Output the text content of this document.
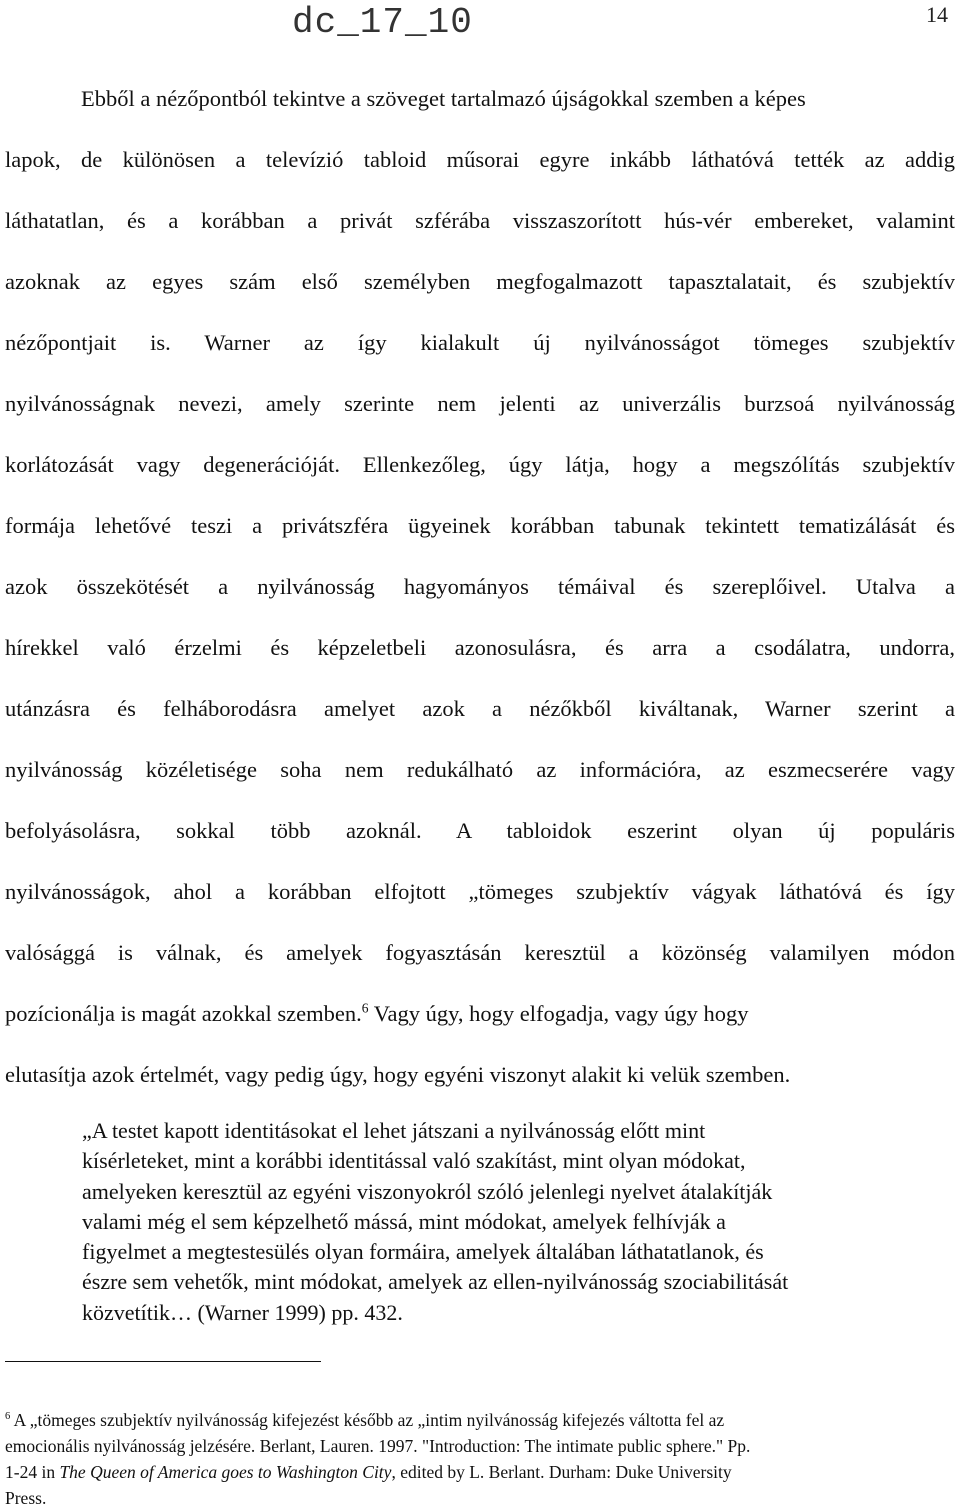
dc_17_10	14
Ebből a nézőpontból tekintve a szöveget tartalmazó újságokkal szemben a képes
lapok, de különösen a televízió tabloid műsorai egyre inkább láthatóvá tették az addig
láthatatlan, és a korábban a privát szférába visszaszorított hús-vér embereket, valamint
azoknak az egyes szám első személyben megfogalmazott tapasztalatait, és szubjektív
nézőpontjait is. Warner az így kialakult új nyilvánosságot tömeges szubjektív
nyilvánosságnak nevezi, amely szerinte nem jelenti az univerzális burzsoá nyilvánosság
korlátozását vagy degenerációját. Ellenkezőleg, úgy látja, hogy a megszólítás szubjektív
formája lehetővé teszi a privátszféra ügyeinek korábban tabunak tekintett tematizálását és
azok összekötését a nyilvánosság hagyományos témáival és szereplőivel. Utalva a
hírekkel való érzelmi és képzeletbeli azonosulásra, és arra a csodálatra, undorra,
utánzásra és felháborodásra amelyet azok a nézőkből kiváltanak, Warner szerint a
nyilvánosság közéletisége soha nem redukálható az információra, az eszmecserére vagy
befolyásolásra, sokkal több azoknál. A tabloidok eszerint olyan új populáris
nyilvánosságok, ahol a korábban elfojtott „tömeges szubjektív vágyak láthatóvá és így
valósággá is válnak, és amelyek fogyasztásán keresztül a közönség valamilyen módon
pozícionálja is magát azokkal szemben.$^6$ Vagy úgy, hogy elfogadja, vagy úgy hogy
elutasítja azok értelmét, vagy pedig úgy, hogy egyéni viszonyt alakit ki velük szemben.
„A testet kapott identitásokat el lehet játszani a nyilvánosság előtt mint
kísérleteket, mint a korábbi identitással való szakítást, mint olyan módokat,
amelyeken keresztül az egyéni viszonyokról szóló jelenlegi nyelvet átalakítják
valami még el sem képzelhető mássá, mint módokat, amelyek felhívják a
figyelmet a megtestesülés olyan formáira, amelyek általában láthatatlanok, és
észre sem vehetők, mint módokat, amelyek az ellen-nyilvánosság szociabilitását
közvetítik… (Warner 1999) pp. 432.
$^6$ A „tömeges szubjektív nyilvánosság kifejezést később az „intim nyilvánosság kifejezés váltotta fel az
emocionális nyilvánosság jelzésére. Berlant, Lauren. 1997. "Introduction: The intimate public sphere." Pp.
1-24 in The Queen of America goes to Washington City, edited by L. Berlant. Durham: Duke University
Press.
